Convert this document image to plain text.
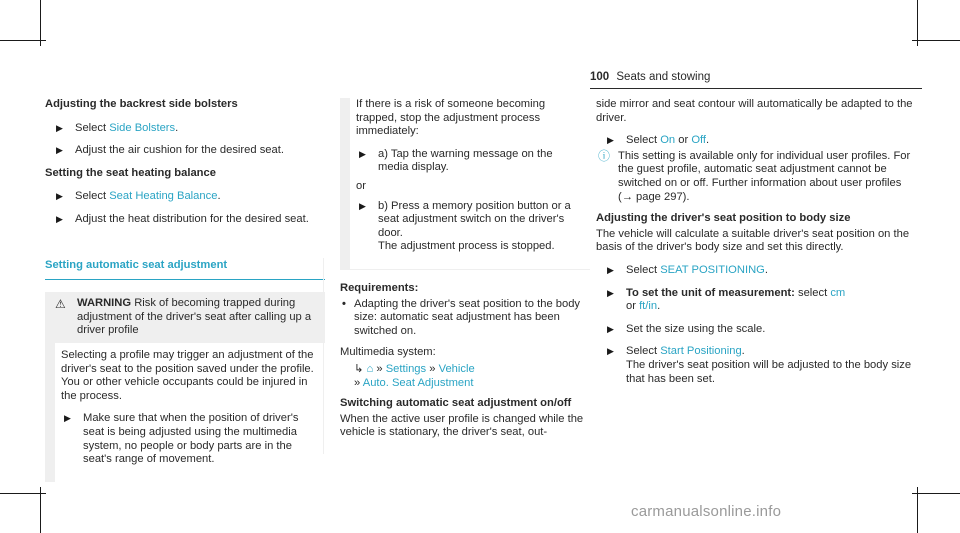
100 Seats and stowing
Adjusting the backrest side bolsters
▶ Select Side Bolsters.
▶ Adjust the air cushion for the desired seat.
Setting the seat heating balance
▶ Select Seat Heating Balance.
▶ Adjust the heat distribution for the desired seat.
Setting automatic seat adjustment
⚠ WARNING Risk of becoming trapped during adjustment of the driver's seat after calling up a driver profile
Selecting a profile may trigger an adjustment of the driver's seat to the position saved under the profile. You or other vehicle occupants could be injured in the process.
▶ Make sure that when the position of driver's seat is being adjusted using the multimedia system, no people or body parts are in the seat's range of movement.
If there is a risk of someone becoming trapped, stop the adjustment process immediately:
▶ a) Tap the warning message on the media display.
or
▶ b) Press a memory position button or a seat adjustment switch on the driver's door.
The adjustment process is stopped.
Requirements:
• Adapting the driver's seat position to the body size: automatic seat adjustment has been switched on.
Multimedia system:
↳ ⌂ » Settings » Vehicle
» Auto. Seat Adjustment
Switching automatic seat adjustment on/off
When the active user profile is changed while the vehicle is stationary, the driver's seat, out-
side mirror and seat contour will automatically be adapted to the driver.
▶ Select On or Off.
ⓘ This setting is available only for individual user profiles. For the guest profile, automatic seat adjustment cannot be switched on or off. Further information about user profiles (→ page 297).
Adjusting the driver's seat position to body size
The vehicle will calculate a suitable driver's seat position on the basis of the driver's body size and set this directly.
▶ Select SEAT POSITIONING.
▶ To set the unit of measurement: select cm
or ft/in.
▶ Set the size using the scale.
▶ Select Start Positioning.
The driver's seat position will be adjusted to the body size that has been set.
carmanualsonline.info
